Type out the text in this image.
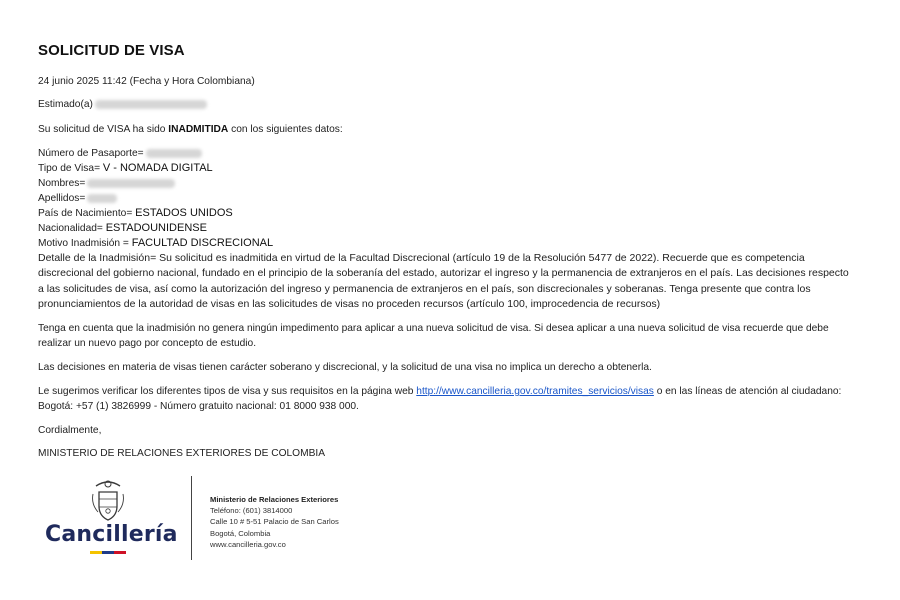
SOLICITUD DE VISA

24 junio 2025 11:42 (Fecha y Hora Colombiana)

Estimado(a)

Su solicitud de VISA ha sido INADMITIDA con los siguientes datos:

Número de Pasaporte=

Tipo de Visa= V - NOMADA DIGITAL

Nombres=

Apellidos=

País de Nacimiento= ESTADOS UNIDOS

Nacionalidad= ESTADOUNIDENSE

Motivo Inadmisión = FACULTAD DISCRECIONAL

Detalle de la Inadmisión= Su solicitud es inadmitida en virtud de la Facultad Discrecional (artículo 19 de la Resolución 5477 de 2022). Recuerde que es competencia discrecional del gobierno nacional, fundado en el principio de la soberanía del estado, autorizar el ingreso y la permanencia de extranjeros en el país. Las decisiones respecto a las solicitudes de visa, así como la autorización del ingreso y permanencia de extranjeros en el país, son discrecionales y soberanas. Tenga presente que contra los pronunciamientos de la autoridad de visas en las solicitudes de visas no proceden recursos (artículo 100, improcedencia de recursos)

Tenga en cuenta que la inadmisión no genera ningún impedimento para aplicar a una nueva solicitud de visa. Si desea aplicar a una nueva solicitud de visa recuerde que debe realizar un nuevo pago por concepto de estudio.

Las decisiones en materia de visas tienen carácter soberano y discrecional, y la solicitud de una visa no implica un derecho a obtenerla.

Le sugerimos verificar los diferentes tipos de visa y sus requisitos en la página web http://www.cancilleria.gov.co/tramites_servicios/visas o en las líneas de atención al ciudadano: Bogotá: +57 (1) 3826999 - Número gratuito nacional: 01 8000 938 000.

Cordialmente,

MINISTERIO DE RELACIONES EXTERIORES DE COLOMBIA

Cancillería
Ministerio de Relaciones Exteriores
Teléfono: (601) 3814000
Calle 10 # 5-51 Palacio de San Carlos
Bogotá, Colombia
www.cancilleria.gov.co
